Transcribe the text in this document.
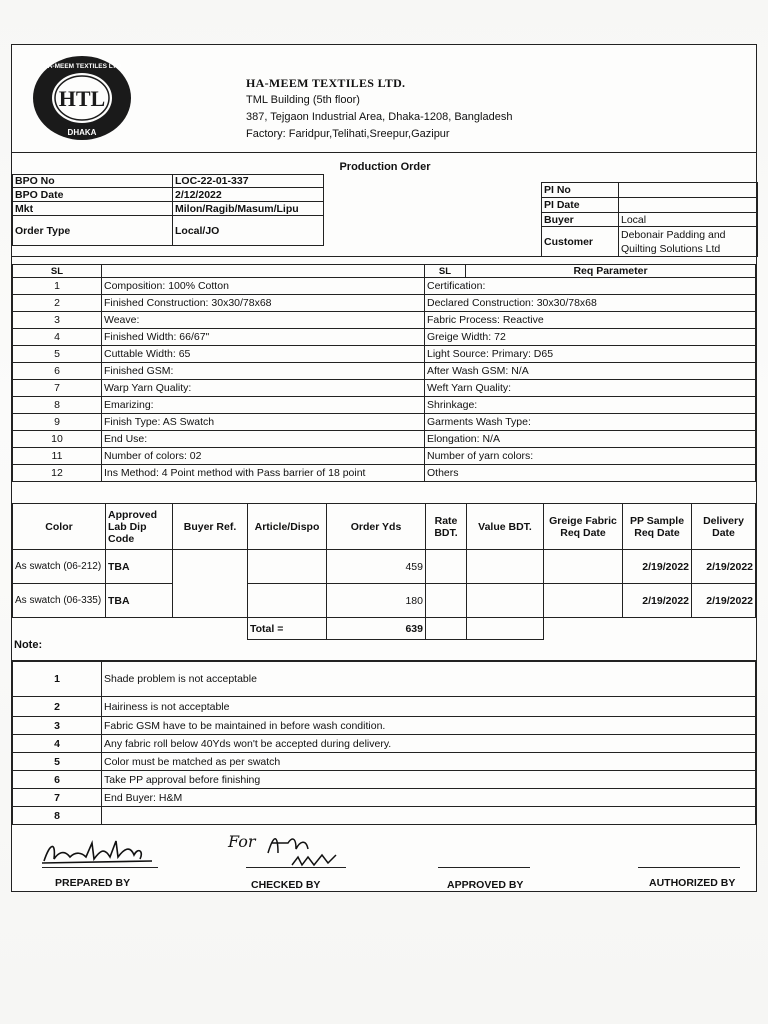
HTL
DHAKA
HA-MEEM TEXTILES LTD
HA-MEEM TEXTILES LTD.
TML Building (5th floor)
387, Tejgaon Industrial Area, Dhaka-1208, Bangladesh
Factory: Faridpur,Telihati,Sreepur,Gazipur
Production Order
BPO No	LOC-22-01-337
BPO Date	2/12/2022
Mkt	Milon/Ragib/Masum/Lipu
Order Type	Local/JO
PI No	
PI Date	
Buyer	Local
Customer	Debonair Padding and Quilting Solutions Ltd
SL		SL	Req Parameter
1	Composition: 100% Cotton	Certification:	
2	Finished Construction: 30x30/78x68	Declared Construction: 30x30/78x68	
3	Weave:	Fabric Process: Reactive	
4	Finished Width: 66/67"	Greige Width: 72	
5	Cuttable Width: 65	Light Source: Primary: D65	
6	Finished GSM:	After Wash GSM: N/A	
7	Warp Yarn Quality:	Weft Yarn Quality:	
8	Emarizing:	Shrinkage:	
9	Finish Type: AS Swatch	Garments Wash Type:	
10	End Use:	Elongation: N/A	
11	Number of colors: 02	Number of yarn colors:	
12	Ins Method: 4 Point method with Pass barrier of 18 point	Others	
Color	Approved Lab Dip Code	Buyer Ref.	Article/Dispo	Order Yds	Rate BDT.	Value BDT.	Greige Fabric Req Date	PP Sample Req Date	Delivery Date
As swatch (06-212)	TBA			459				2/19/2022	2/19/2022
As swatch (06-335)	TBA			180				2/19/2022	2/19/2022
			Total =	639					
Note:
1	Shade problem is not acceptable
2	Hairiness is not acceptable
3	Fabric GSM have to be maintained in before wash condition.
4	Any fabric roll below 40Yds won't be accepted during delivery.
5	Color must be matched as per swatch
6	Take PP approval before finishing
7	End Buyer: H&M
8	
For
PREPARED BY	CHECKED BY	APPROVED BY	AUTHORIZED BY
